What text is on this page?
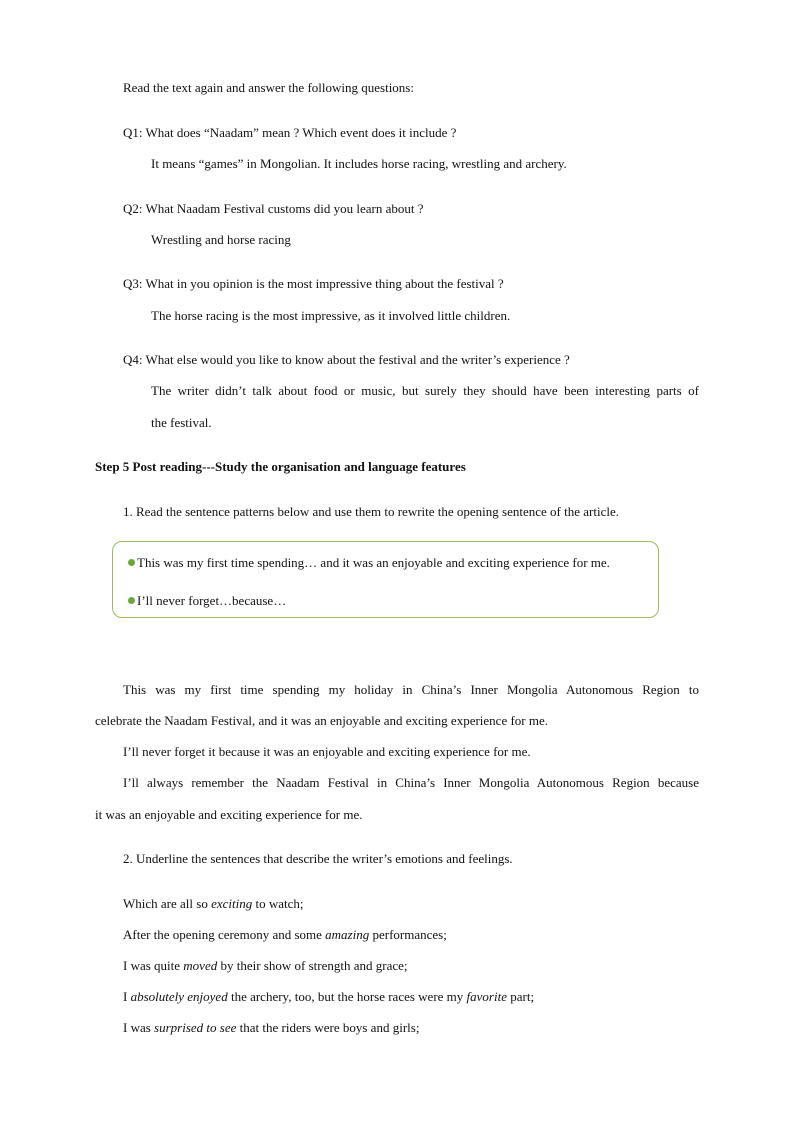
Read the text again and answer the following questions:
Q1: What does “Naadam” mean ? Which event does it include ?
It means “games” in Mongolian. It includes horse racing, wrestling and archery.
Q2: What Naadam Festival customs did you learn about ?
Wrestling and horse racing
Q3: What in you opinion is the most impressive thing about the festival ?
The horse racing is the most impressive, as it involved little children.
Q4: What else would you like to know about the festival and the writer’s experience ?
The writer didn’t talk about food or music, but surely they should have been interesting parts of
the festival.
Step 5 Post reading---Study the organisation and language features
1. Read the sentence patterns below and use them to rewrite the opening sentence of the article.
This was my first time spending… and it was an enjoyable and exciting experience for me.
I’ll never forget…because…
This was my first time spending my holiday in China’s Inner Mongolia Autonomous Region to
celebrate the Naadam Festival, and it was an enjoyable and exciting experience for me.
I’ll never forget it because it was an enjoyable and exciting experience for me.
I’ll always remember the Naadam Festival in China’s Inner Mongolia Autonomous Region because
it was an enjoyable and exciting experience for me.
2. Underline the sentences that describe the writer’s emotions and feelings.
Which are all so exciting to watch;
After the opening ceremony and some amazing performances;
I was quite moved by their show of strength and grace;
I absolutely enjoyed the archery, too, but the horse races were my favorite part;
I was surprised to see that the riders were boys and girls;
